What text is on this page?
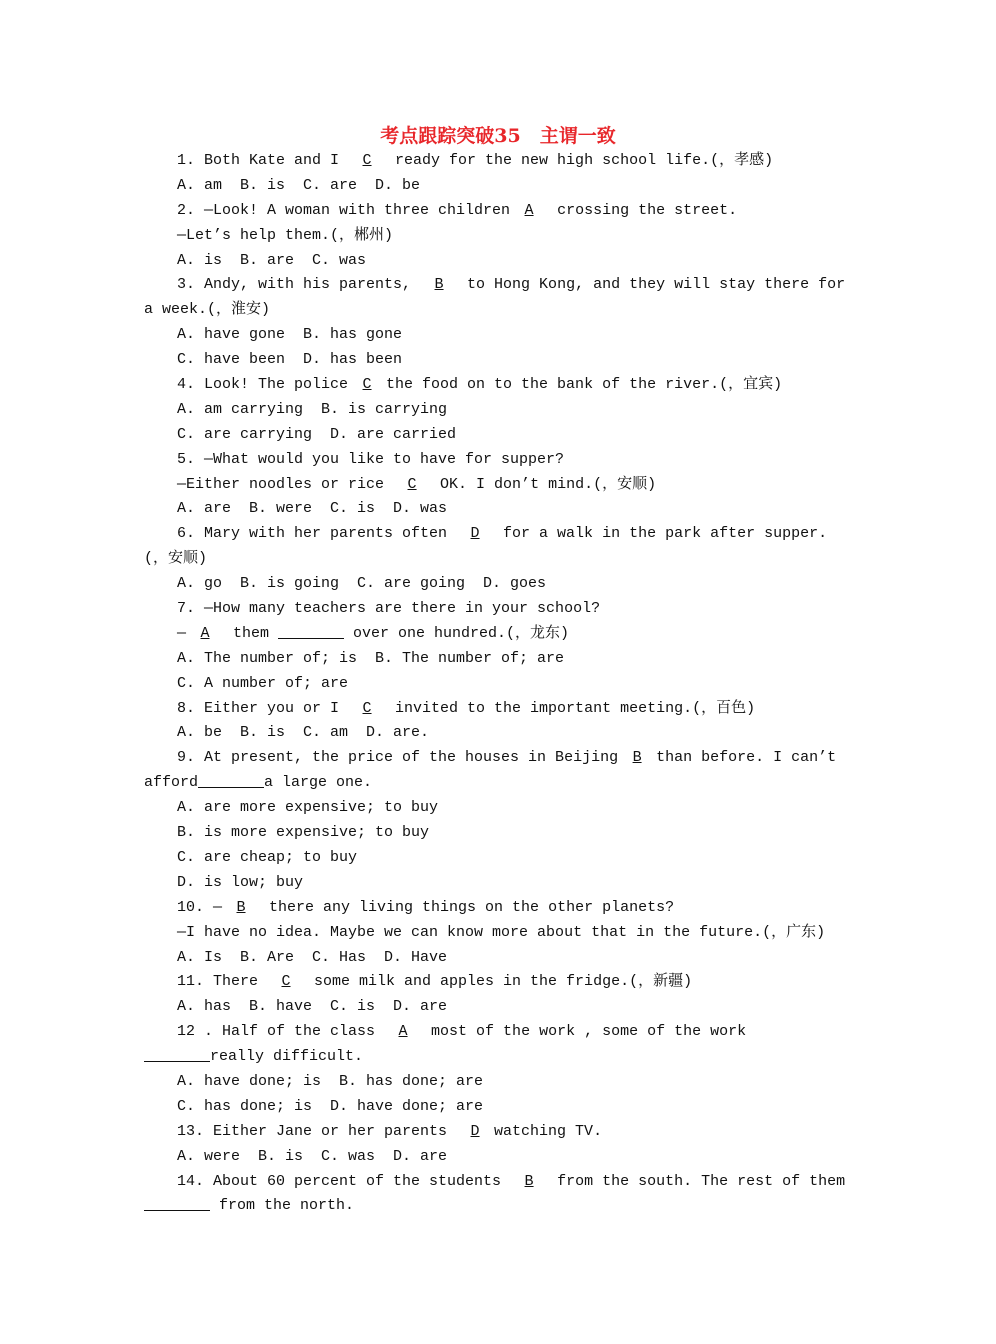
考点跟踪突破35　主谓一致
1. Both Kate and I C ready for the new high school life.(，孝感)
A. am  B. is  C. are  D. be
2. —Look! A woman with three children A crossing the street.
—Let’s help them.(，郴州)
A. is  B. are  C. was
3. Andy, with his parents, B to Hong Kong, and they will stay there for
a week.(，淮安)
A. have gone  B. has gone
C. have been  D. has been
4. Look! The police C the food on to the bank of the river.(，宜宾)
A. am carrying  B. is carrying
C. are carrying  D. are carried
5. —What would you like to have for supper?
—Either noodles or rice C OK. I don’t mind.(，安顺)
A. are  B. were  C. is  D. was
6. Mary with her parents often D for a walk in the park after supper.
(，安顺)
A. go  B. is going  C. are going  D. goes
7. —How many teachers are there in your school?
— A them	over one hundred.(，龙东)
A. The number of; is  B. The number of; are
C. A number of; are
8. Either you or I C invited to the important meeting.(，百色)
A. be  B. is  C. am  D. are.
9. At present, the price of the houses in Beijing B than before. I can’t
afford	a large one.
A. are more expensive; to buy
B. is more expensive; to buy
C. are cheap; to buy
D. is low; buy
10. — B there any living things on the other planets?
—I have no idea. Maybe we can know more about that in the future.(，广东)
A. Is  B. Are  C. Has  D. Have
11. There C some milk and apples in the fridge.(，新疆)
A. has  B. have  C. is  D. are
12 . Half of the class A most of the work , some of the work
really difficult.
A. have done; is  B. has done; are
C. has done; is  D. have done; are
13. Either Jane or her parents D watching TV.
A. were  B. is  C. was  D. are
14. About 60 percent of the students B from the south. The rest of them
from the north.
